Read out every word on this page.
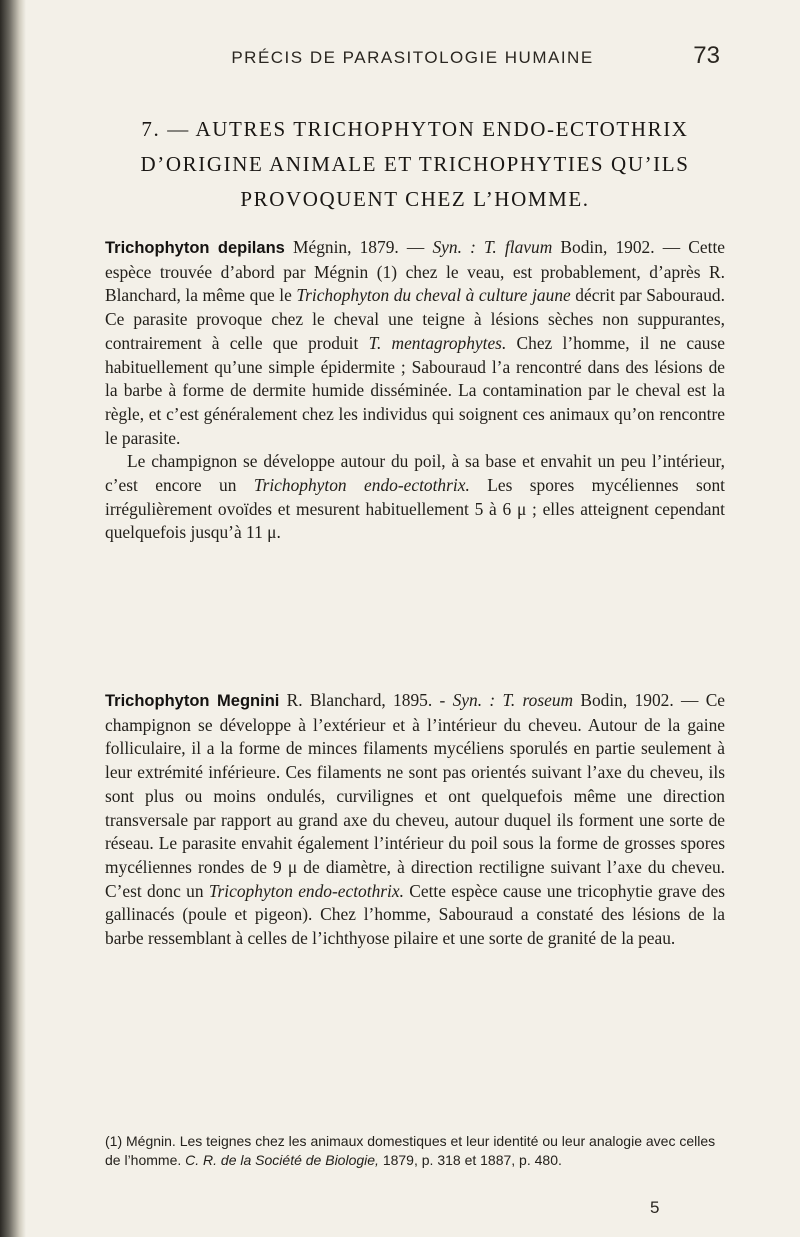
PRÉCIS DE PARASITOLOGIE HUMAINE	73
7. — AUTRES TRICHOPHYTON ENDO-ECTOTHRIX
D’ORIGINE ANIMALE ET TRICHOPHYTIES QU’ILS
PROVOQUENT CHEZ L’HOMME.

Trichophyton depilans Mégnin, 1879. — Syn. : T. flavum Bodin, 1902. — Cette espèce trouvée d’abord par Mégnin (1) chez le veau, est probablement, d’après R. Blanchard, la même que le Trichophyton du cheval à culture jaune décrit par Sabouraud. Ce parasite provoque chez le cheval une teigne à lésions sèches non suppurantes, contrairement à celle que produit T. mentagrophytes. Chez l’homme, il ne cause habituellement qu’une simple épidermite ; Sabouraud l’a rencontré dans des lésions de la barbe à forme de dermite humide disséminée. La contamination par le cheval est la règle, et c’est généralement chez les individus qui soignent ces animaux qu’on rencontre le parasite.

Le champignon se développe autour du poil, à sa base et envahit un peu l’intérieur, c’est encore un Trichophyton endo-ectothrix. Les spores mycéliennes sont irrégulièrement ovoïdes et mesurent habituellement 5 à 6 μ ; elles atteignent cependant quelquefois jusqu’à 11 μ.

Trichophyton Megnini R. Blanchard, 1895. - Syn. : T. roseum Bodin, 1902. — Ce champignon se développe à l’extérieur et à l’intérieur du cheveu. Autour de la gaine folliculaire, il a la forme de minces filaments mycéliens sporulés en partie seulement à leur extrémité inférieure. Ces filaments ne sont pas orientés suivant l’axe du cheveu, ils sont plus ou moins ondulés, curvilignes et ont quelquefois même une direction transversale par rapport au grand axe du cheveu, autour duquel ils forment une sorte de réseau. Le parasite envahit également l’intérieur du poil sous la forme de grosses spores mycéliennes rondes de 9 μ de diamètre, à direction rectiligne suivant l’axe du cheveu. C’est donc un Tricophyton endo-ectothrix. Cette espèce cause une tricophytie grave des gallinacés (poule et pigeon). Chez l’homme, Sabouraud a constaté des lésions de la barbe ressemblant à celles de l’ichthyose pilaire et une sorte de granité de la peau.

(1) Mégnin. Les teignes chez les animaux domestiques et leur identité ou leur analogie avec celles de l’homme. C. R. de la Société de Biologie, 1879, p. 318 et 1887, p. 480.
5
